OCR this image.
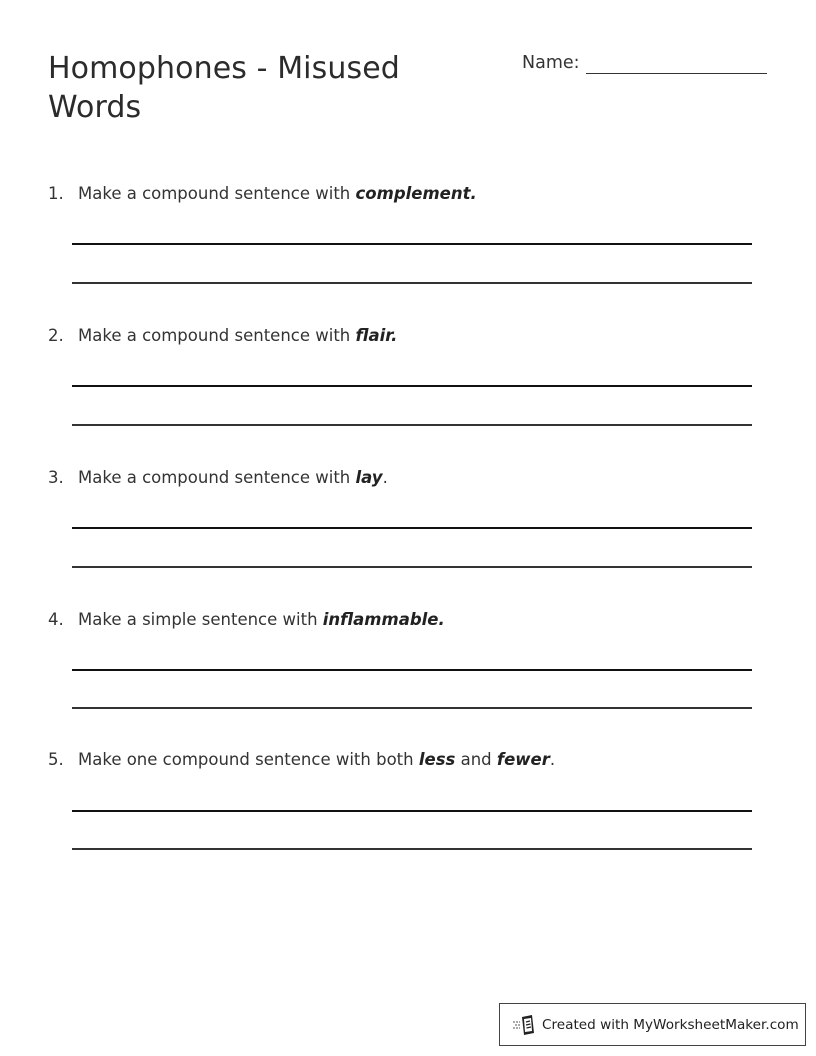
Homophones - Misused Words
Name:
1. Make a compound sentence with complement.
2. Make a compound sentence with flair.
3. Make a compound sentence with lay.
4. Make a simple sentence with inflammable.
5. Make one compound sentence with both less and fewer.
Created with MyWorksheetMaker.com
